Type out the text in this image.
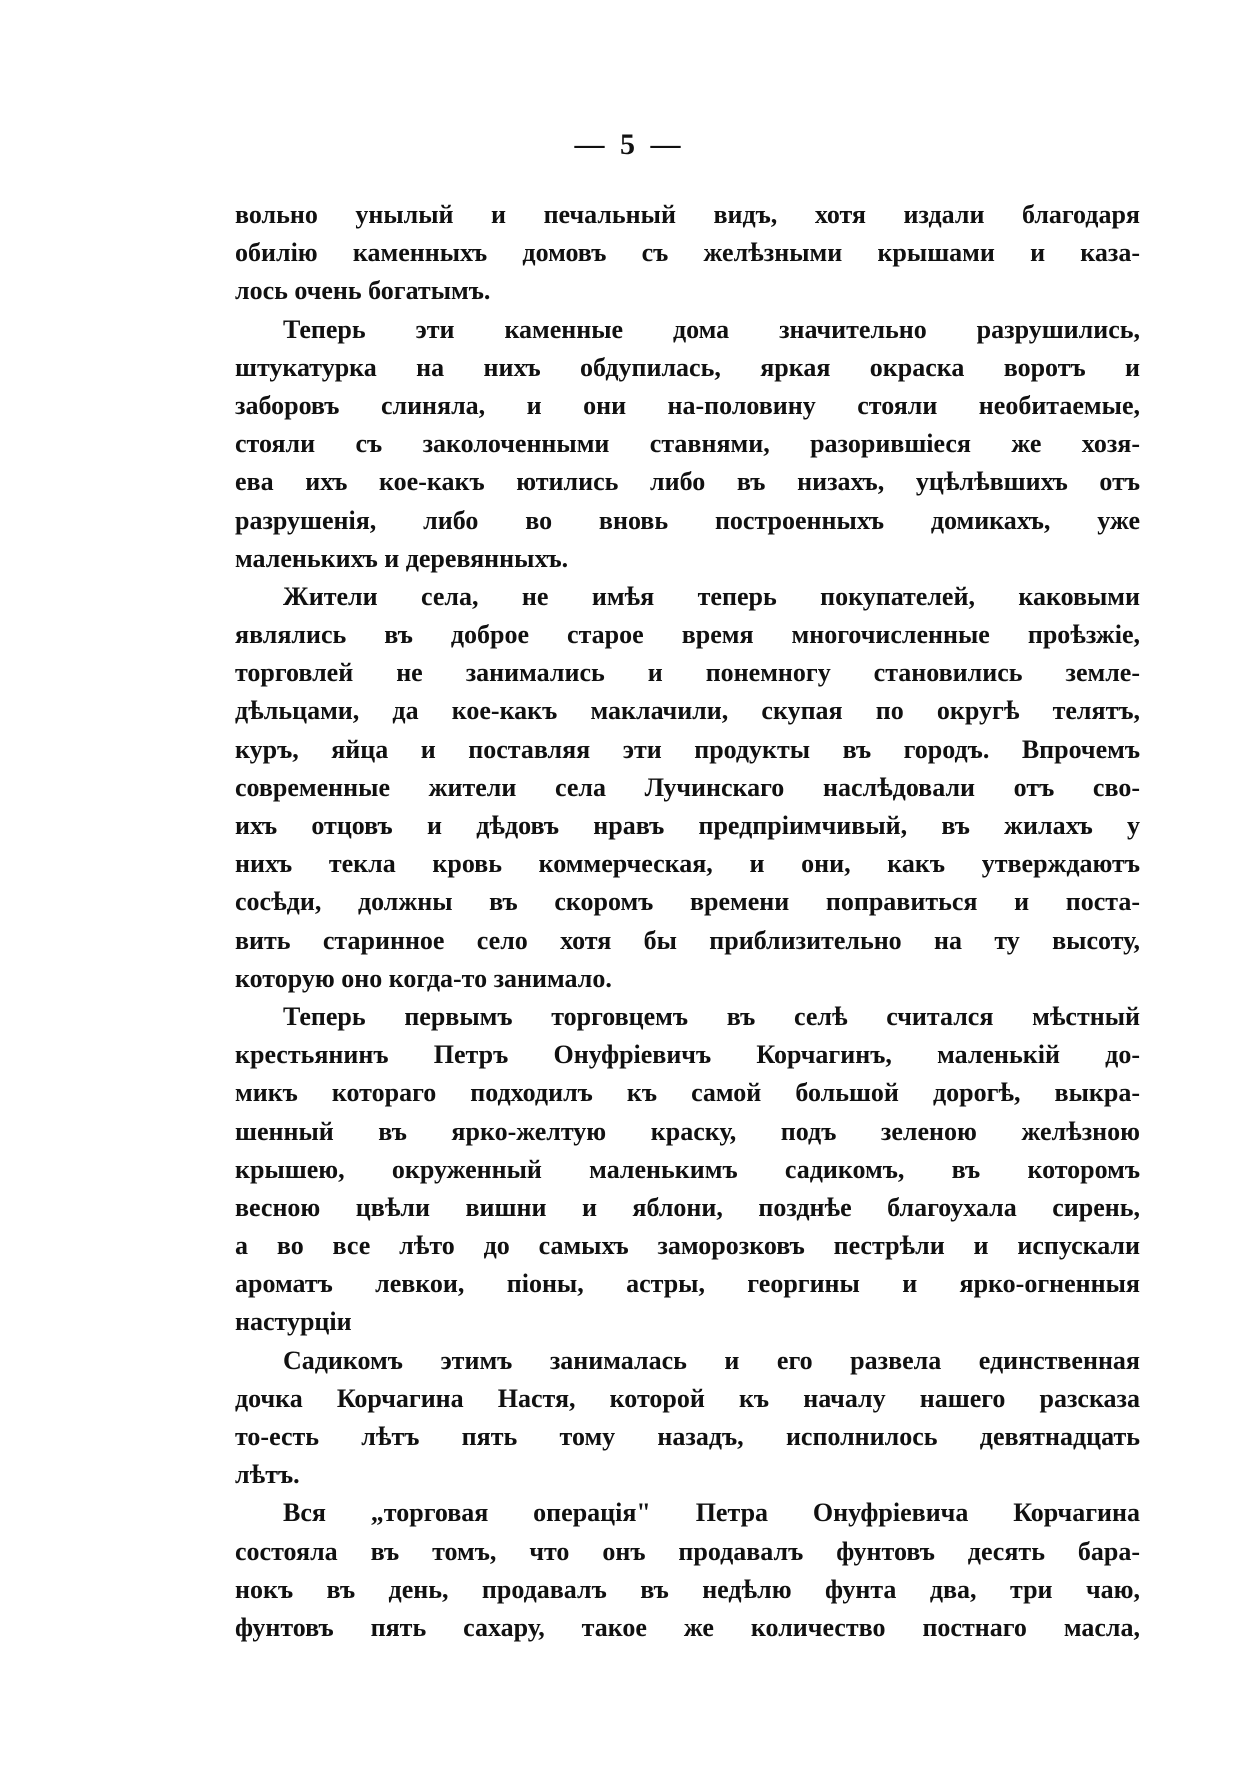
— 5 —
вольно унылый и печальный видъ, хотя издали благодаря
обилію каменныхъ домовъ съ желѣзными крышами и каза-
лось очень богатымъ.
Теперь эти каменные дома значительно разрушились,
штукатурка на нихъ обдупилась, яркая окраска воротъ и
заборовъ слиняла, и они на-половину стояли необитаемые,
стояли съ заколоченными ставнями, разорившіеся же хозя-
ева ихъ кое-какъ ютились либо въ низахъ, уцѣлѣвшихъ отъ
разрушенія, либо во вновь построенныхъ домикахъ, уже
маленькихъ и деревянныхъ.
Жители села, не имѣя теперь покупателей, каковыми
являлись въ доброе старое время многочисленные проѣзжіе,
торговлей не занимались и понемногу становились земле-
дѣльцами, да кое-какъ маклачили, скупая по округѣ телятъ,
куръ, яйца и поставляя эти продукты въ городъ. Впрочемъ
современные жители села Лучинскаго наслѣдовали отъ сво-
ихъ отцовъ и дѣдовъ нравъ предпріимчивый, въ жилахъ у
нихъ текла кровь коммерческая, и они, какъ утверждаютъ
сосѣди, должны въ скоромъ времени поправиться и поста-
вить старинное село хотя бы приблизительно на ту высоту,
которую оно когда-то занимало.
Теперь первымъ торговцемъ въ селѣ считался мѣстный
крестьянинъ Петръ Онуфріевичъ Корчагинъ, маленькій до-
микъ котораго подходилъ къ самой большой дорогѣ, выкра-
шенный въ ярко-желтую краску, подъ зеленою желѣзною
крышею, окруженный маленькимъ садикомъ, въ которомъ
весною цвѣли вишни и яблони, позднѣе благоухала сирень,
а во все лѣто до самыхъ заморозковъ пестрѣли и испускали
ароматъ левкои, піоны, астры, георгины и ярко-огненныя
настурціи
Садикомъ этимъ занималась и его развела единственная
дочка Корчагина Настя, которой къ началу нашего разсказа
то-есть лѣтъ пять тому назадъ, исполнилось девятнадцать
лѣтъ.
Вся „торговая операція" Петра Онуфріевича Корчагина
состояла въ томъ, что онъ продавалъ фунтовъ десять бара-
нокъ въ день, продавалъ въ недѣлю фунта два, три чаю,
фунтовъ пять сахару, такое же количество постнаго масла,
